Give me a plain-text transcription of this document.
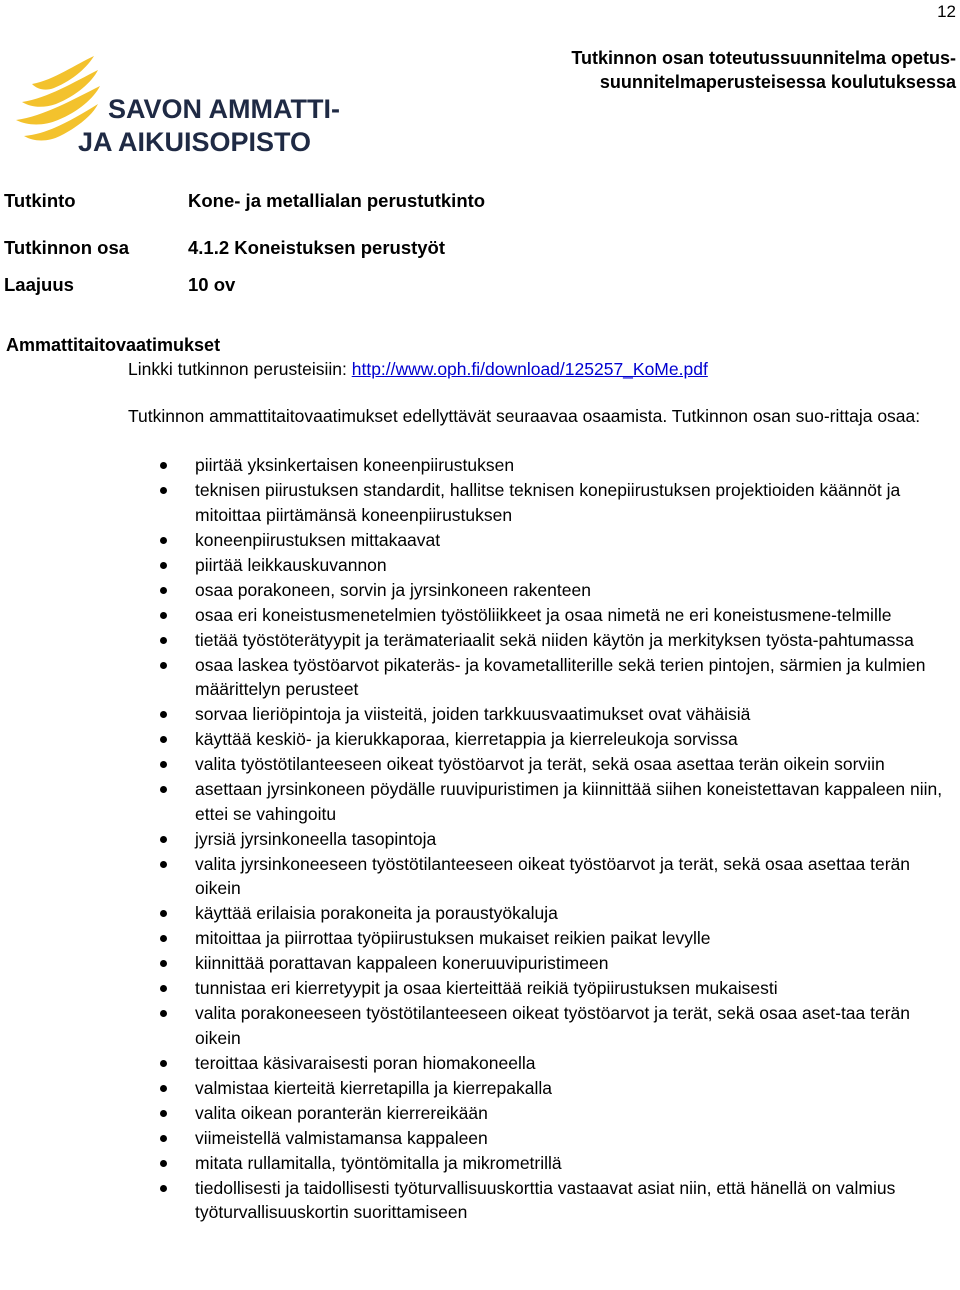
12
Tutkinnon osan toteutussuunnitelma opetus-
suunnitelmaperusteisessa koulutuksessa
SAVON AMMATTI-
JA AIKUISOPISTO
Tutkinto	Kone- ja metallialan perustutkinto
Tutkinnon osa	4.1.2 Koneistuksen perustyöt
Laajuus	10 ov
Ammattitaitovaatimukset
Linkki tutkinnon perusteisiin: http://www.oph.fi/download/125257_KoMe.pdf
Tutkinnon ammattitaitovaatimukset edellyttävät seuraavaa osaamista. Tutkinnon osan suo-rittaja osaa:
piirtää yksinkertaisen koneenpiirustuksen
teknisen piirustuksen standardit, hallitse teknisen konepiirustuksen projektioiden käännöt ja mitoittaa piirtämänsä koneenpiirustuksen
koneenpiirustuksen mittakaavat
piirtää leikkauskuvannon
osaa porakoneen, sorvin ja jyrsinkoneen rakenteen
osaa eri koneistusmenetelmien työstöliikkeet ja osaa nimetä ne eri koneistusmene-telmille
tietää työstöterätyypit ja terämateriaalit sekä niiden käytön ja merkityksen työsta-pahtumassa
osaa laskea työstöarvot pikateräs- ja kovametalliterille sekä terien pintojen, särmien ja kulmien määrittelyn perusteet
sorvaa lieriöpintoja ja viisteitä, joiden tarkkuusvaatimukset ovat vähäisiä
käyttää keskiö- ja kierukkaporaa, kierretappia ja kierreleukoja sorvissa
valita työstötilanteeseen oikeat työstöarvot ja terät, sekä osaa asettaa terän oikein sorviin
asettaan jyrsinkoneen pöydälle ruuvipuristimen ja kiinnittää siihen koneistettavan kappaleen niin, ettei se vahingoitu
jyrsiä jyrsinkoneella tasopintoja
valita jyrsinkoneeseen työstötilanteeseen oikeat työstöarvot ja terät, sekä osaa asettaa terän oikein
käyttää erilaisia porakoneita ja poraustyökaluja
mitoittaa ja piirrottaa työpiirustuksen mukaiset reikien paikat levylle
kiinnittää porattavan kappaleen koneruuvipuristimeen
tunnistaa eri kierretyypit ja osaa kierteittää reikiä työpiirustuksen mukaisesti
valita porakoneeseen työstötilanteeseen oikeat työstöarvot ja terät, sekä osaa aset-taa terän oikein
teroittaa käsivaraisesti poran hiomakoneella
valmistaa kierteitä kierretapilla ja kierrepakalla
valita oikean poranterän kierrereikään
viimeistellä valmistamansa kappaleen
mitata rullamitalla, työntömitalla ja mikrometrillä
tiedollisesti ja taidollisesti työturvallisuuskorttia vastaavat asiat niin, että hänellä on valmius työturvallisuuskortin suorittamiseen
